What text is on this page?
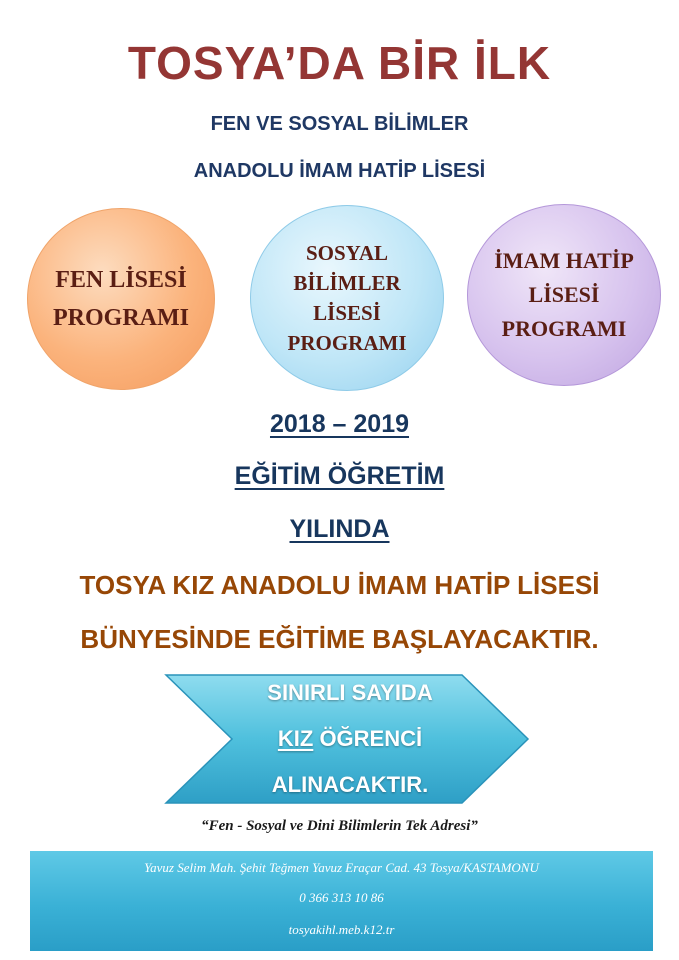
TOSYA’DA BİR İLK
FEN VE SOSYAL BİLİMLER
ANADOLU İMAM HATİP LİSESİ
FEN LİSESİ
PROGRAMI
SOSYAL
BİLİMLER
LİSESİ
PROGRAMI
İMAM HATİP
LİSESİ
PROGRAMI
2018 – 2019
EĞİTİM ÖĞRETİM
YILINDA
TOSYA KIZ ANADOLU İMAM HATİP LİSESİ
BÜNYESİNDE EĞİTİME BAŞLAYACAKTIR.
SINIRLI SAYIDA
KIZ ÖĞRENCİ
ALINACAKTIR.
“Fen - Sosyal ve Dini Bilimlerin Tek Adresi”
Yavuz Selim Mah. Şehit Teğmen Yavuz Eraçar Cad. 43 Tosya/KASTAMONU
0 366 313 10 86
tosyakihl.meb.k12.tr
